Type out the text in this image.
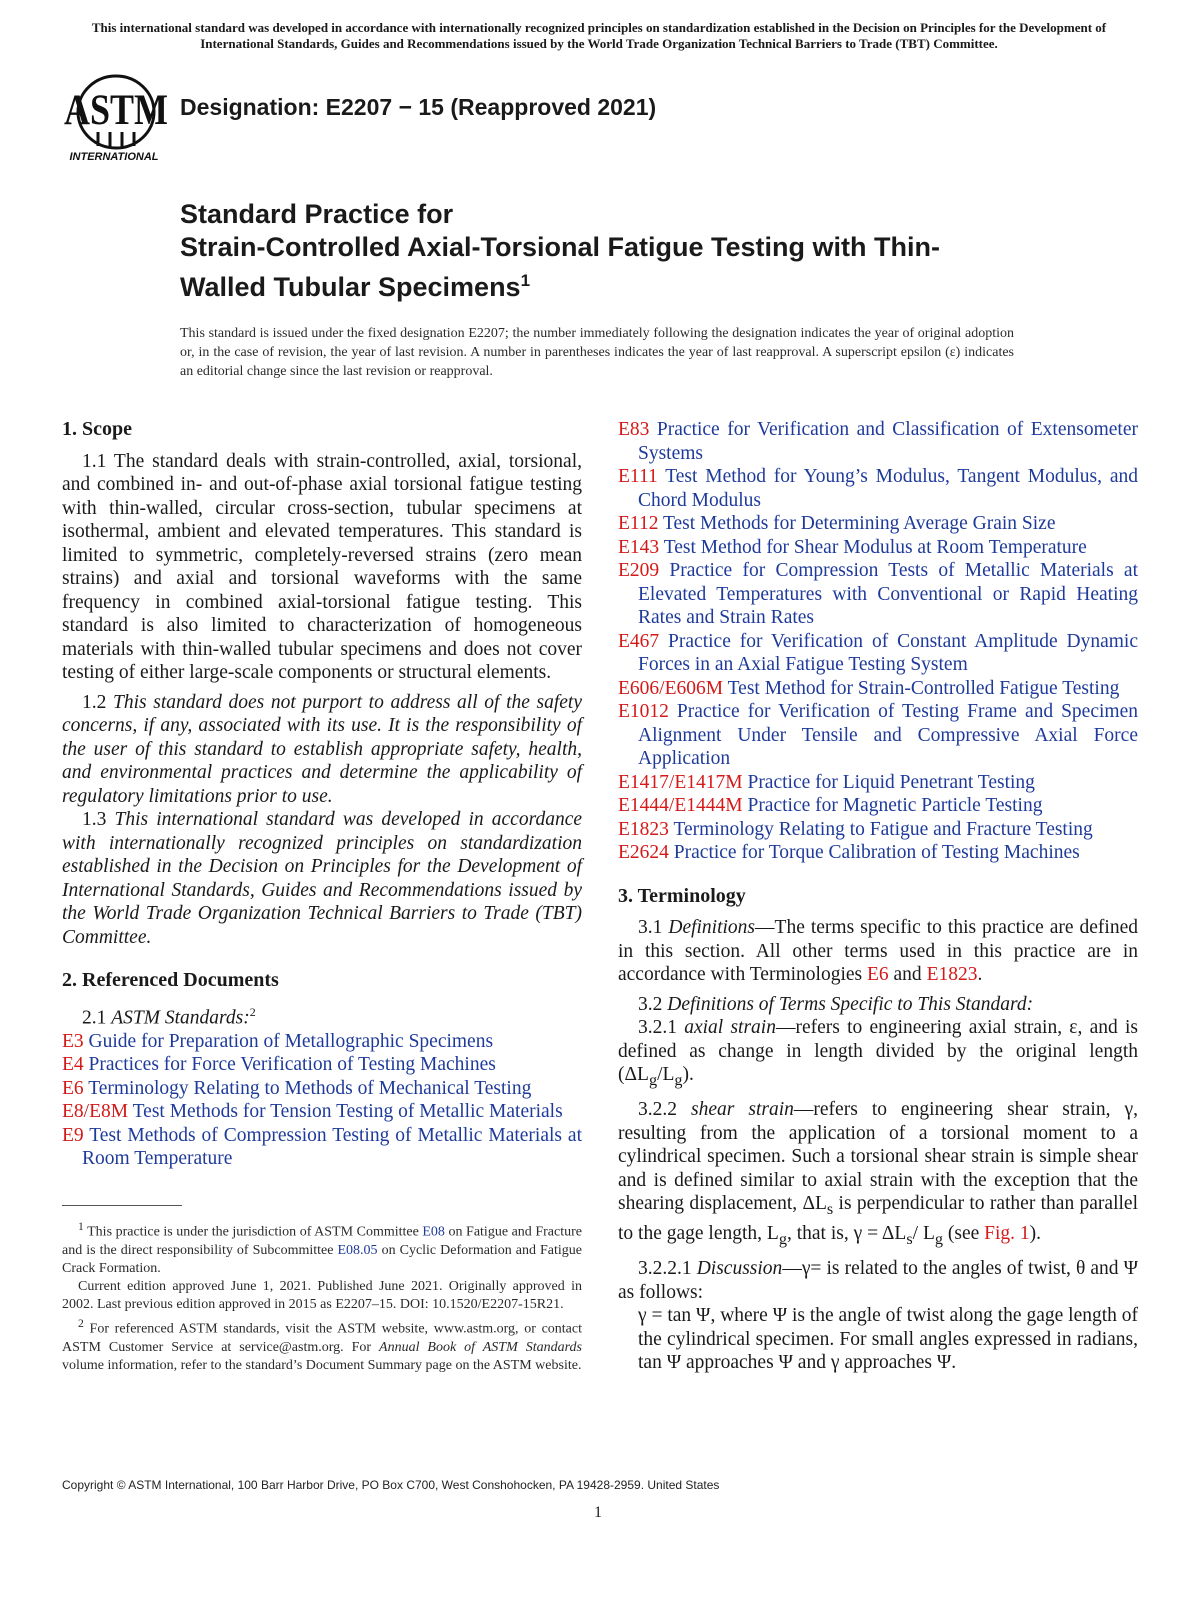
This international standard was developed in accordance with internationally recognized principles on standardization established in the Decision on Principles for the Development of International Standards, Guides and Recommendations issued by the World Trade Organization Technical Barriers to Trade (TBT) Committee.
ASTM
INTERNATIONAL
Designation: E2207 − 15 (Reapproved 2021)
Standard Practice for
Strain-Controlled Axial-Torsional Fatigue Testing with Thin-
Walled Tubular Specimens$^1$
This standard is issued under the fixed designation E2207; the number immediately following the designation indicates the year of original adoption or, in the case of revision, the year of last revision. A number in parentheses indicates the year of last reapproval. A superscript epsilon (ε) indicates an editorial change since the last revision or reapproval.

1. Scope

1.1 The standard deals with strain-controlled, axial, torsional, and combined in- and out-of-phase axial torsional fatigue testing with thin-walled, circular cross-section, tubular specimens at isothermal, ambient and elevated temperatures. This standard is limited to symmetric, completely-reversed strains (zero mean strains) and axial and torsional waveforms with the same frequency in combined axial-torsional fatigue testing. This standard is also limited to characterization of homogeneous materials with thin-walled tubular specimens and does not cover testing of either large-scale components or structural elements.

1.2 This standard does not purport to address all of the safety concerns, if any, associated with its use. It is the responsibility of the user of this standard to establish appropriate safety, health, and environmental practices and determine the applicability of regulatory limitations prior to use.

1.3 This international standard was developed in accordance with internationally recognized principles on standardization established in the Decision on Principles for the Development of International Standards, Guides and Recommendations issued by the World Trade Organization Technical Barriers to Trade (TBT) Committee.

2. Referenced Documents

2.1 ASTM Standards:$^2$

E3 Guide for Preparation of Metallographic Specimens

E4 Practices for Force Verification of Testing Machines

E6 Terminology Relating to Methods of Mechanical Testing

E8/E8M Test Methods for Tension Testing of Metallic Materials

E9 Test Methods of Compression Testing of Metallic Materials at Room Temperature

$^1$ This practice is under the jurisdiction of ASTM Committee E08 on Fatigue and Fracture and is the direct responsibility of Subcommittee E08.05 on Cyclic Deformation and Fatigue Crack Formation.

Current edition approved June 1, 2021. Published June 2021. Originally approved in 2002. Last previous edition approved in 2015 as E2207–15. DOI: 10.1520/E2207-15R21.

$^2$ For referenced ASTM standards, visit the ASTM website, www.astm.org, or contact ASTM Customer Service at service@astm.org. For Annual Book of ASTM Standards volume information, refer to the standard’s Document Summary page on the ASTM website.

E83 Practice for Verification and Classification of Extensometer Systems

E111 Test Method for Young’s Modulus, Tangent Modulus, and Chord Modulus

E112 Test Methods for Determining Average Grain Size

E143 Test Method for Shear Modulus at Room Temperature

E209 Practice for Compression Tests of Metallic Materials at Elevated Temperatures with Conventional or Rapid Heating Rates and Strain Rates

E467 Practice for Verification of Constant Amplitude Dynamic Forces in an Axial Fatigue Testing System

E606/E606M Test Method for Strain-Controlled Fatigue Testing

E1012 Practice for Verification of Testing Frame and Specimen Alignment Under Tensile and Compressive Axial Force Application

E1417/E1417M Practice for Liquid Penetrant Testing

E1444/E1444M Practice for Magnetic Particle Testing

E1823 Terminology Relating to Fatigue and Fracture Testing

E2624 Practice for Torque Calibration of Testing Machines

3. Terminology

3.1 Definitions—The terms specific to this practice are defined in this section. All other terms used in this practice are in accordance with Terminologies E6 and E1823.

3.2 Definitions of Terms Specific to This Standard:

3.2.1 axial strain—refers to engineering axial strain, ε, and is defined as change in length divided by the original length $(\Delta L_g/L_g)$.

3.2.2 shear strain—refers to engineering shear strain, γ, resulting from the application of a torsional moment to a cylindrical specimen. Such a torsional shear strain is simple shear and is defined similar to axial strain with the exception that the shearing displacement, $\Delta L_s$ is perpendicular to rather than parallel to the gage length, $L_g$, that is, $\gamma = \Delta L_s/$ $L_g$ (see Fig. 1).

3.2.2.1 Discussion—γ= is related to the angles of twist, θ and Ψ as follows:

γ = tan Ψ, where Ψ is the angle of twist along the gage length of the cylindrical specimen. For small angles expressed in radians, tan Ψ approaches Ψ and γ approaches Ψ.

Copyright © ASTM International, 100 Barr Harbor Drive, PO Box C700, West Conshohocken, PA 19428-2959. United States
1
